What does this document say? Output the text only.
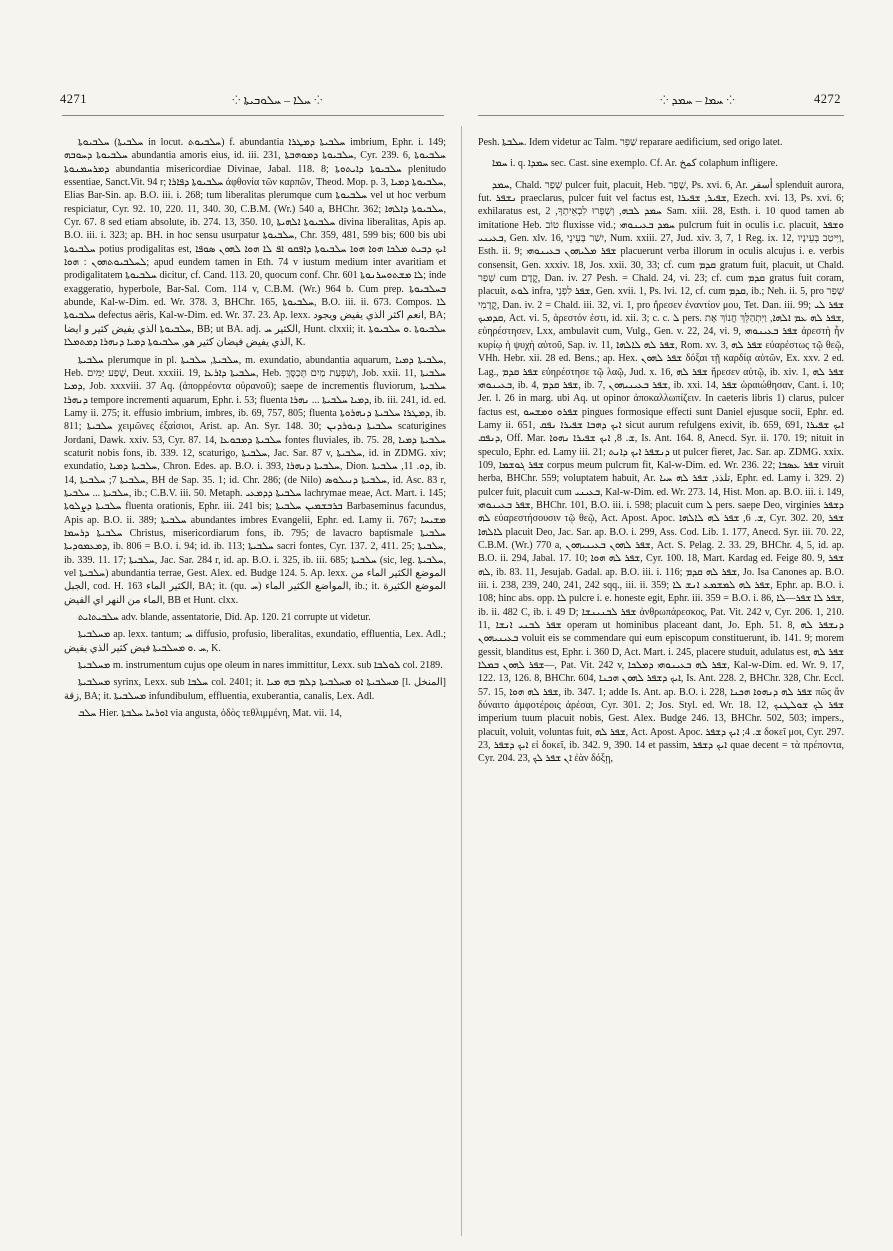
4271	⁘ ܚܠܐ ‒ ܚܠܘܒܝܬܐ ⁘	⁘ ܚܡܐ ‒ ܚܡܕ ⁘	4272

ܚܠܒܝܘܬܐ (ܚܠܒܝܬܐ in locut. ܚܠܒܝܘܬ) f. abundantia ܚܠܒܝܬܐ ܕܡܛܪܐ imbrium, Ephr. i. 149; ܚܠܒܝܘܬܐ ܕܚܘܒܗ abundantia amoris eius, id. iii. 231, ܚܠܒܝܘܬܐ ܕܡܘܗܒܬܐ, Cyr. 239. 6, ܚܠܒܝܘܬܐ ܕܡܪܚܡܢܘܬܐ abundantia misericordiae Divinae, Jabal. 118. 8; ܚܠܒܝܘܬܐ ܕܐܝܬܘܬܐ plenitudo essentiae, Sanct.Vit. 94 r; ܚܠܒܝܘܬܐ ܕܦܐܪܐ ἀφθονία τῶν καρπῶν, Theod. Mop. p. 3, ܚܠܒܝܘܬܐ ܕܡܝܐ, Elias Bar-Sin. ap. B.O. iii. i. 268; tum liberalitas plerumque cum ܚܠܒܝܘܬܐ vel ut hoc verbum respiciatur, Cyr. 92. 10, 220. 11, 340. 30, C.B.M. (Wr.) 540 a, BHChr. 362; ܚܠܒܝܘܬܐ ܕܐܠܗܐ, Cyr. 67. 8 sed etiam absolute, ib. 274. 13, 350. 10, ܚܠܒܝܘܬܐ ܐܠܗܝܬܐ divina liberalitas, Apis ap. B.O. iii. i. 323; ap. BH. in hoc sensu usurpatur ܚܠܒܝܘܬܐ, Chr. 359, 481, 599 bis; 600 bis ubi ܚܠܒܝܘܬܐ potius prodigalitas est, ܐܝܟ ܕܒܝܬ ܡܠܟܐ ܗܘܐ ܗܘܐ ܚܠܒܝܘܬܐ ܕܐܦܩܘ ܐܦ ܠܐ ܗܘܐ ܠܗܘܢ ܣܘܦܐ ܠܚܠܒܝܘܬܗܘܢ : ܗܘܐ; apud eundem tamen in Eth. 74 v iustum medium inter avaritiam et prodigalitatem ܚܠܒܝܘܬܐ dicitur, cf. Cand. 113. 20, quocum conf. Chr. 601 ܠܐ ܡܫܬܘܚܪܢܘܬܐ; inde exaggeratio, hyperbole, Bar-Sal. Com. 114 v, C.B.M. (Wr.) 964 b. Cum prep. ܒܚܠܒܝܘܬܐ abunde, Kal-w-Dim. ed. Wr. 378. 3, BHChr. 165, ܚܠܒܝܘܬܐ, B.O. iii. ii. 673. Compos. ܠܐ ܚܠܒܝܘܬܐ defectus aëris, Kal-w-Dim. ed. Wr. 37. 23. Ap. lexx. انعم اكثر الذي يفيض ويجود, BA; ܚܠܒܝܘܬܐ الذي يفيض كثير و ايضا, BB; ut BA. adj. الكثير ܚ, Hunt. clxxii; it. ܚܠܒܝܘܬܐ .ܘ ܚܠܒܝܘܬܐ الذي يفيض فيضان كثير هو, ܚܠܒܝܘܬܐ ܕܡܝܐ ܕܢܗܪܐ ܕܡܬܡܠܐ, K.

ܚܠܒܝܬܐ plerumque in pl. ܚܠܒܝܬܐ, ܚܠܒܝܬܐ, m. exundatio, abundantia aquarum, ܚܠܒܝܬܐ ܕܡܝܐ, Heb. שֶׁפַע יַמִּים, Deut. xxxiii. 19, ܚܠܒܝܬܐ ܕܐܪܥܐ, Heb. וְשִׁפְעַת מַיִם תְּכַסֶּךָּ, Job. xxii. 11, ܚܠܒܝܬܐ ܕܡܝܐ, Job. xxxviii. 37 Aq. (ἀπορρέοντα οὐρανοῦ); saepe de incrementis fluviorum, ܚܠܒܝܬܐ ܕܢܗܪܐ tempore incrementi aquarum, Ephr. i. 53; fluenta ܕܡܝܐ ܚܠܒܝܬܐ ... ܢܗܪܐ, ib. iii. 241, id. ed. Lamy ii. 275; it. effusio imbrium, imbres, ib. 69, 757, 805; fluenta ܕܡܛܪܐ ܚܠܒܝܬܐ ܕܢܗܪܘܬܐ, ib. 811; ܚܠܒܝܬܐ χειμῶνες ἐξαίσιοι, Arist. ap. An. Syr. 148. 30; ܚܠܒܝܬܐ ܕܝܘܪܕܢܢ scaturigines Jordani, Dawk. xxiv. 53, Cyr. 87. 14, ܚܠܒܝܬܐ ܕܡܒܘܥܐ fontes fluviales, ib. 75. 28, ܚܠܒܝܬܐ ܕܡܝܐ scaturit nobis fons, ib. 339. 12, scaturigo, ܚܠܒܝܬܐ, Jac. Sar. 87 v, ܚܠܒܝܬܐ, id. in ZDMG. xiv; exundatio, ܚܠܒܝܬܐ ܕܡܝܐ, Chron. Edes. ap. B.O. i. 393, ܚܠܒܝܬܐ ܕܢܗܪܐ, Dion. ܕܘ. 11, ܚܠܒܝܬܐ, ib. 14, ܚܠܒܝܬܐ 7; ܚܠܒܝܬܐ, BH de Sap. 35. 1; id. Chr. 286; (de Nilo) ܚܠܒܝܬܐ ܕܢܝܠܘܣ, id. Asc. 83 r, ܚܠܒܝܬܐ ... ܚܠܒܝܬܐ, ib.; C.B.V. iii. 50. Metaph. ܚܠܒܝܬܐ ܕܕܡܥܝ lachrymae meae, Act. Mart. i. 145; ܚܠܒܝܬܐ ܕܨܠܘܬܐ fluenta orationis, Ephr. iii. 241 bis; ܒܪܒܫܡܝܢ ܚܠܒܝܬܐ Barbaseminus facundus, Apis ap. B.O. ii. 389; ܚܠܒܝܬܐ abundantes imbres Evangelii, Ephr. ed. Lamy ii. 767; ܡܫܝܚܐ ܚܠܒܝܬܐ ܕܪܚܡܐ Christus, misericordiarum fons, ib. 795; de lavacro baptismale ܚܠܒܝܬܐ ܕܡܥܡܘܕܝܬܐ, ib. 806 = B.O. i. 94; id. ib. 113; ܚܠܒܝܬܐ sacri fontes, Cyr. 137. 2, 411. 25; ܚܠܒܝܬܐ, ib. 339. 11. 17; ܚܠܒܝܬܐ, Jac. Sar. 284 r, id. ap. B.O. i. 325, ib. iii. 685; ܚܠܒܝܬܐ (sic, leg. ܚܠܒܝܬܐ, vel ܚܠܒܝܬܐ) abundantia terrae, Gest. Alex. ed. Budge 124. 5. Ap. lexx. الموضع الكثير الماء من الجبل, cod. H. 163 الكثير الماء, BA; it. (qu. ܚ) المواضع الكثير الماء, ib.; it. الموضع الكثيرة الماء من النهر اي الفيض, BB et Hunt. clxx.

ܚܠܒܝܬܐܝܬ adv. blande, assentatorie, Did. Ap. 120. 21 corrupte ut videtur.

ܡܚܠܒܝܬܐ ap. lexx. tantum; ܚ diffusio, profusio, liberalitas, exundatio, effluentia, Lex. Adl.; ܚ .ܘ ܡܚܠܒܝܬܐ فيض كثير الذي يفيض, K.

ܡܚܠܒܝܬܐ m. instrumentum cujus ope oleum in nares immittitur, Lexx. sub ܠܘܠܒܐ col. 2189.

ܡܚܠܒܝܬܐ syrinx, Lexx. sub ܚܠܒܐ col. 2401; it. ܡܚܠܒܝܬܐ ܐܘ ܡܚܠܒܝܬܐ ܕܠܡ ܒܗ ܡܝܐ [l. المنخل] زقة, BA; it. ܡܚܠܒܝܬܐ infundibulum, effluentia, exuberantia, canalis, Lex. Adl.

ܚܠܒ Hier. ܐܘܪܚܐ ܚܠܒܬܐ via angusta, ὁδὸς τεθλιμμένη, Mat. vii. 14,

Pesh. ܚܠܒܬܐ. Idem videtur ac Talm. שַׁפֵּר reparare aedificium, sed origo latet.

ܚܡܐ i. q. ܚܡܕܐ sec. Cast. sine exemplo. Cf. Ar. كمخ colaphum infligere.

ܚܡܕ, Chald. שְׁפַר pulcer fuit, placuit, Heb. שָׁפַר, Ps. xvi. 6, Ar. أسفر splenduit aurora, fut. ܢܫܦܪ praeclarus, pulcer fuit vel factus est, ܫܦܝܪ, ܫܦܝܪܐ, Ezech. xvi. 13, Ps. xvi. 6; exhilaratus est, ܚܡܕ ܠܒܗ, וְשָׁפְרוּ לִבְאֵיתְךָ, 2 Sam. xiii. 28, Esth. i. 10 quod tamen ab imitatione Heb. טוֹב fluxisse vid.; ܚܡܕ ܒܥܝܢܘܗܝ pulcrum fuit in oculis i.c. placuit, ܘܫܦܪ ܒܥܝܢܝ, Gen. xlv. 16, יִשַׁר בְּעֵינֵי, Num. xxiii. 27, Jud. xiv. 3, 7, 1 Reg. ix. 12, וַיִּיטַב בְּעֵינָיו, Esth. ii. 9; ܫܦܪ ܡܠܝܗܘܢ ܒܥܝܢܘܗܝ placuerunt verba illorum in oculis alcujus i. e. verbis consensit, Gen. xxxiv. 18, Jos. xxii. 30, 33; cf. cum ܩܕܡ gratum fuit, placuit, ut Chald. שְׁפַר cum קֳדָם, Dan. iv. 27 Pesh. = Chald. 24, vi. 23; cf. cum ܩܕܡ gratus fuit coram, placuit, ܠܘܬ infra, ܫܦܪ לִפְנֵי, Gen. xvii. 1, Ps. lvi. 12, cf. cum ܩܕܡ, ib.; Neh. ii. 5, pro שְׁפַר קֳדָמִי, Dan. iv. 2 = Chald. iii. 32, vi. 1, pro ἤρεσεν ἐναντίον μου, Tet. Dan. iii. 99; ܫܦܪ ܠܝ ܩܕܡܝܟ, Act. vi. 5, ἀρεστόν ἐστι, id. xii. 3; c. c. ܠ pers. ܫܦܪ ܠܗ ܥܡ ܐܠܗܐ, וַיִּתְהַלֵּךְ חֲנוֹךְ אֶת, εὐηρέστησεν, Lxx, ambulavit cum, Vulg., Gen. v. 22, 24, vi. 9, ܫܦܪ ܒܥܝܢܘܗܝ ἀρεστὴ ἦν κυρίῳ ἡ ψυχὴ αὐτοῦ, Sap. iv. 11, ܫܦܪ ܠܗ ܠܐܠܗܐ, Rom. xv. 3, ܫܦܪ ܠܗ εὐαρέστως τῷ θεῷ, VHh. Hebr. xii. 28 ed. Bens.; ap. Hex. ܫܦܪ ܠܗܘܢ δόξαι τῇ καρδίᾳ αὐτῶν, Ex. xxv. 2 ed. Lag., ܫܦܪ ܩܕܡ εὐηρέστησε τῷ λαῷ, Jud. x. 16, ܫܦܪ ܠܗ ἤρεσεν αὐτῷ, ib. xiv. 1, ܫܦܪ ܠܗ ܒܥܝܢܘܗܝ, ib. 4, ܫܦܪ ܩܕܡ, ib. 7, ܫܦܪ ܒܥܝܢܝܗܘܢ, ib. xxi. 14, ܫܦܪ ὡραιώθησαν, Cant. i. 10; Jer. l. 26 in marg. ubi Aq. ut opinor ἀποκαλλωπίζειν. In caeteris libris 1) clarus, pulcer factus est, ܫܦܪܘ ܘܡܫܚܘ pingues formosique effecti sunt Daniel ejusque socii, Ephr. ed. Lamy ii. 651, ܐܝܟ ܕܗܒܐ ܫܦܝܪܐ ܢܦܩ sicut aurum refulgens exivit, ib. 659, 691, ܐܝܟ ܫܦܝܪܐ ܕܢܦܩ, Off. Mar. ܫ. 8, ܐܝܟ ܫܦܝܪܐ ܢܗܘܐ, Is. Ant. 164. 8, Anecd. Syr. ii. 170. 19; nituit in speculo, Ephr. ed. Lamy iii. 21; ܕܢܫܦܪ ܐܝܟ ܕܐܢܬ ut pulcer fieret, Jac. Sar. ap. ZDMG. xxix. 109, ܫܦܪ ܓܘܫܡܐ corpus meum pulcrum fit, Kal-w-Dim. ed. Wr. 236. 22; ܫܦܪ ܥܣܒܐ viruit herba, BHChr. 559; voluptatem habuit, Ar. تلذذ, ܫܦܪ ܠܗ ܚܝܐ, Ephr. ed. Lamy i. 329. 2) pulcer fuit, placuit cum ܒܥܝܢܝ, Kal-w-Dim. ed. Wr. 273. 14, Hist. Mon. ap. B.O. iii. i. 149, ܫܦܪ ܒܥܝܢܘܗܝ, BHChr. 101, B.O. iii. i. 598; placuit cum ܠ pers. saepe Deo, virginies ܕܫܦܪ ܠܗ εὐαρεστήσουσιν τῷ θεῷ, Act. Apost. Apoc. ܫ. 6, ܫܦܪ ܠܗ ܠܐܠܗܐ, Cyr. 302. 20, ܫܦܪ ܠܐܠܗܐ placuit Deo, Jac. Sar. ap. B.O. i. 299, Ass. Cod. Lib. 1. 177, Anecd. Syr. iii. 70. 22, C.B.M. (Wr.) 770 a, ܫܦܪ ܠܗܘܢ ܒܥܝܢܝܗܘܢ, Act. S. Pelag. 2. 33. 29, BHChr. 4, 5, id. ap. B.O. ii. 294, Jabal. 17. 10; ܫܦܪ ܠܗ ܗܘܐ, Cyr. 100. 18, Mart. Kardag ed. Feige 80. 9, ܫܦܪ ܠܗ, ib. 83. 11, Jesujab. Gadal. ap. B.O. iii. i. 116; ܫܦܪ ܠܗ ܩܕܡ, Jo. Isa Canones ap. B.O. iii. i. 238, 239, 240, 241, 242 sqq., iii. ii. 359; ܫܦܪ ܠܗ ܠܡܫܡܥ ܐܢܫ ܠܐ, Ephr. ap. B.O. i. 108; hinc abs. opp. ܠܐ pulcre i. e. honeste egit, Ephr. iii. 359 = B.O. i. 86, ܫܦܪ ܠܐ ܫܦܪ—ܠܐ, ib. ii. 482 C, ib. i. 49 D; ܫܦܪ ܠܒܢܝܢܫܐ ἀνθρωπάρεσκος, Pat. Vit. 242 v, Cyr. 206. 1, 210. 11, ܫܦܪ ܠܒܢܝ ܐܢܫܐ operam ut hominibus placeant dant, Jo. Eph. 51. 8, ܕܢܫܦܪ ܠܗ ܒܥܝܢܝܗܘܢ voluit eis se commendare qui eum episcopum constituerunt, ib. 141. 9; morem gessit, blanditus est, Ephr. i. 360 D, Act. Mart. i. 245, placere studuit, adulatus est, ܫܦܪ ܠܗ—ܫܦܪ ܠܗܘܢ ܒܡܠܐ, Pat. Vit. 242 v, ܫܦܪ ܠܗ ܒܥܝܢܘܗܝ ܕܡܠܟܐ, Kal-w-Dim. ed. Wr. 9. 17, 122. 13, 126. 8, BHChr. 604, ܐܝܟ ܕܫܦܪ ܠܗܘܢ ܗܟܢܐ, Is. Ant. 228. 2, BHChr. 328, Chr. Eccl. 57. 15, ܫܦܪ ܠܗ ܗܘܐ, ib. 347. 1; adde Is. Ant. ap. B.O. i. 228, ܫܦܪ ܠܗ ܕܢܗܘܐ ܗܟܢܐ πῶς ἂν δύναιτο ἀμφοτέροις ἀρέσαι, Cyr. 301. 2; Jos. Styl. ed. Wr. 18. 12, ܫܦܪ ܠܟ ܫܘܠܛܢܟ imperium tuum placuit nobis, Gest. Alex. Budge 246. 13, BHChr. 502, 503; impers., placuit, voluit, voluntas fuit, ܫܦܪ ܠܗ, Act. Apost. Apoc. ܫ. 4; ܐܝܟ ܕܫܦܪ δοκεῖ μοι, Cyr. 297. 23, ܐܝܟ ܕܫܦܪ εἰ δοκεῖ, ib. 342. 9, 390. 14 et passim, ܐܝܟ ܕܫܦܪ quae decent = τὰ πρέποντα, Cyr. 204. 23, ܐܢ ܫܦܪ ܠܟ ἐὰν δόξῃ,
